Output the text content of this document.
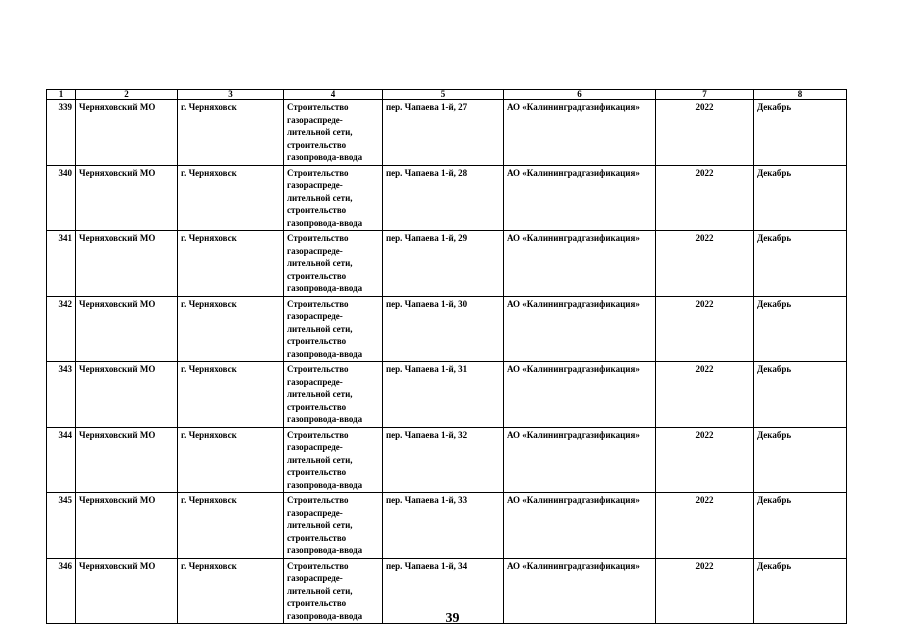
1	2	3	4	5	6	7	8
339	Черняховский МО	г. Черняховск	Строительство
газораспреде-
лительной сети,
строительство
газопровода-ввода	пер. Чапаева 1-й, 27	АО «Калининградгазификация»	2022	Декабрь
340	Черняховский МО	г. Черняховск	Строительство
газораспреде-
лительной сети,
строительство
газопровода-ввода	пер. Чапаева 1-й, 28	АО «Калининградгазификация»	2022	Декабрь
341	Черняховский МО	г. Черняховск	Строительство
газораспреде-
лительной сети,
строительство
газопровода-ввода	пер. Чапаева 1-й, 29	АО «Калининградгазификация»	2022	Декабрь
342	Черняховский МО	г. Черняховск	Строительство
газораспреде-
лительной сети,
строительство
газопровода-ввода	пер. Чапаева 1-й, 30	АО «Калининградгазификация»	2022	Декабрь
343	Черняховский МО	г. Черняховск	Строительство
газораспреде-
лительной сети,
строительство
газопровода-ввода	пер. Чапаева 1-й, 31	АО «Калининградгазификация»	2022	Декабрь
344	Черняховский МО	г. Черняховск	Строительство
газораспреде-
лительной сети,
строительство
газопровода-ввода	пер. Чапаева 1-й, 32	АО «Калининградгазификация»	2022	Декабрь
345	Черняховский МО	г. Черняховск	Строительство
газораспреде-
лительной сети,
строительство
газопровода-ввода	пер. Чапаева 1-й, 33	АО «Калининградгазификация»	2022	Декабрь
346	Черняховский МО	г. Черняховск	Строительство
газораспреде-
лительной сети,
строительство
газопровода-ввода	пер. Чапаева 1-й, 34	АО «Калининградгазификация»	2022	Декабрь
39
